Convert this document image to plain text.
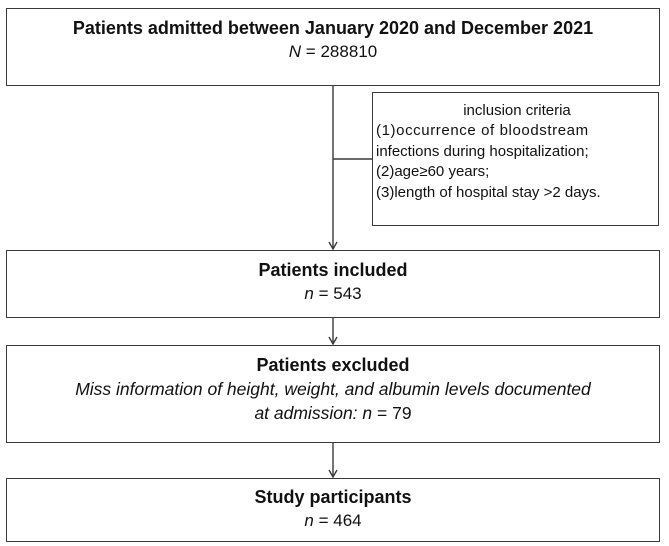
Patients admitted between January 2020 and December 2021
N = 288810
inclusion criteria
(1)occurrence of bloodstream
infections during hospitalization;
(2)age≥60 years;
(3)length of hospital stay >2 days.
Patients included
n = 543
Patients excluded
Miss information of height, weight, and albumin levels documented
at admission: n = 79
Study participants
n = 464
